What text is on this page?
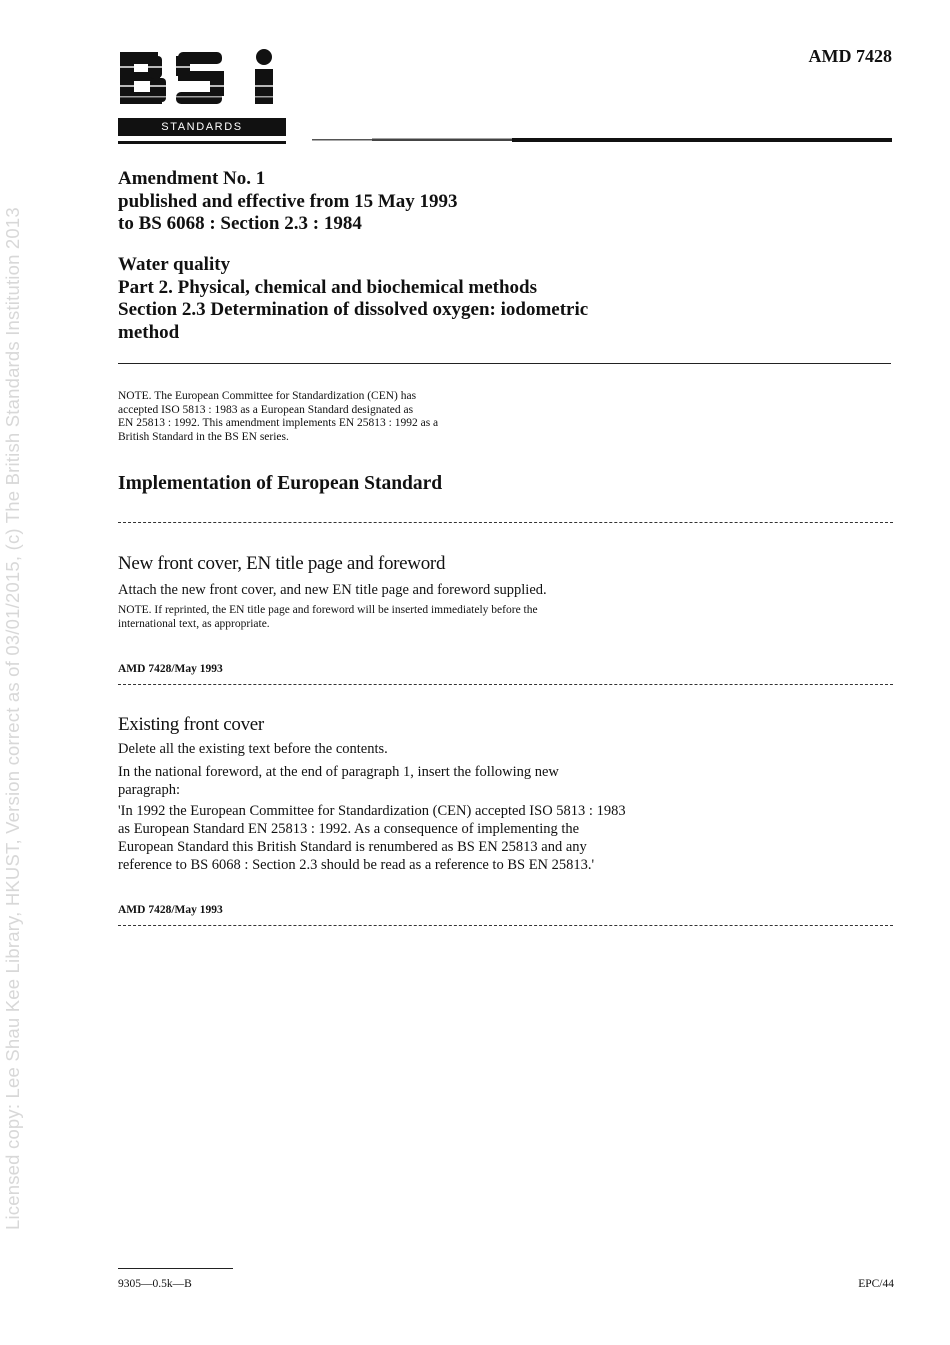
Licensed copy: Lee Shau Kee Library, HKUST, Version correct as of 03/01/2015, (c) The British Standards Institution 2013
STANDARDS
AMD 7428
Amendment No. 1
published and effective from 15 May 1993
to BS 6068 : Section 2.3 : 1984
Water quality
Part 2. Physical, chemical and biochemical methods
Section 2.3 Determination of dissolved oxygen: iodometric
method
NOTE. The European Committee for Standardization (CEN) has
accepted ISO 5813 : 1983 as a European Standard designated as
EN 25813 : 1992. This amendment implements EN 25813 : 1992 as a
British Standard in the BS EN series.
Implementation of European Standard
New front cover, EN title page and foreword
Attach the new front cover, and new EN title page and foreword supplied.
NOTE. If reprinted, the EN title page and foreword will be inserted immediately before the
international text, as appropriate.
AMD 7428/May 1993
Existing front cover
Delete all the existing text before the contents.
In the national foreword, at the end of paragraph 1, insert the following new
paragraph:
'In 1992 the European Committee for Standardization (CEN) accepted ISO 5813 : 1983
as European Standard EN 25813 : 1992. As a consequence of implementing the
European Standard this British Standard is renumbered as BS EN 25813 and any
reference to BS 6068 : Section 2.3 should be read as a reference to BS EN 25813.'
AMD 7428/May 1993
9305—0.5k—B	EPC/44
